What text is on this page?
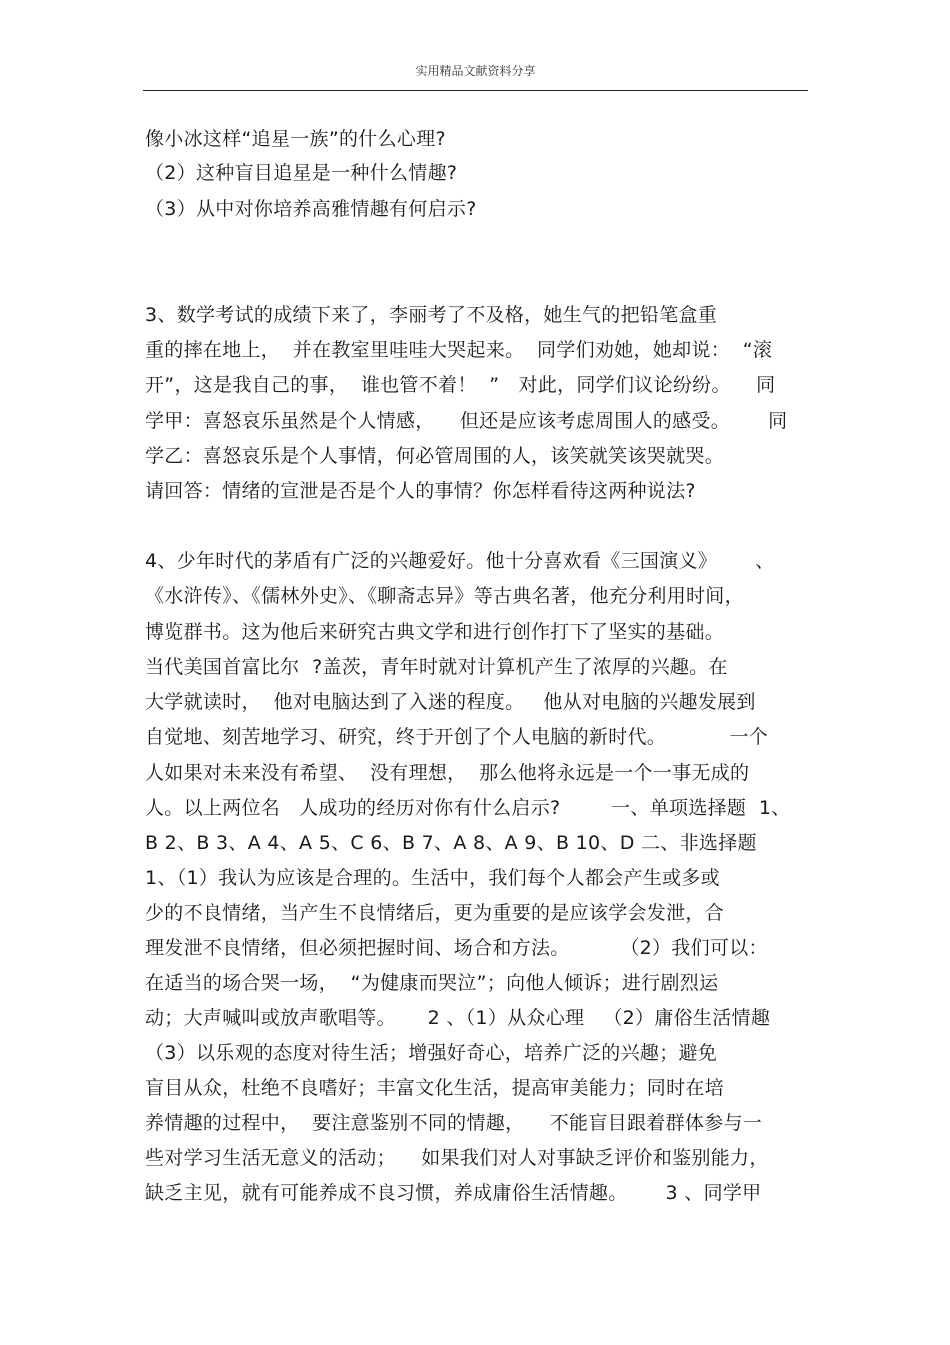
实用精品文献资料分享
像小冰这样“追星一族”的什么心理?
（2）这种盲目追星是一种什么情趣?
（3）从中对你培养高雅情趣有何启示?
3、数学考试的成绩下来了，李丽考了不及格，她生气的把铅笔盒重
重的摔在地上，  并在教室里哇哇大哭起来。  同学们劝她，她却说：  “滚
开”，这是我自己的事，  谁也管不着！  ”   对此，同学们议论纷纷。    同
学甲：喜怒哀乐虽然是个人情感，    但还是应该考虑周围人的感受。      同
学乙：喜怒哀乐是个人事情，何必管周围的人，该笑就笑该哭就哭。
请回答：情绪的宣泄是否是个人的事情？你怎样看待这两种说法?
4、少年时代的茅盾有广泛的兴趣爱好。他十分喜欢看《三国演义》      、
《水浒传》、《儒林外史》、《聊斋志异》等古典名著，他充分利用时间，
博览群书。这为他后来研究古典文学和进行创作打下了坚实的基础。
当代美国首富比尔  ?盖茨，青年时就对计算机产生了浓厚的兴趣。在
大学就读时，  他对电脑达到了入迷的程度。   他从对电脑的兴趣发展到
自觉地、刻苦地学习、研究，终于开创了个人电脑的新时代。          一个
人如果对未来没有希望、  没有理想，  那么他将永远是一个一事无成的
人。以上两位名   人成功的经历对你有什么启示?        一、单项选择题  1、
B 2、B 3、A 4、A 5、C 6、B 7、A 8、A 9、B 10、D 二、非选择题
1、（1）我认为应该是合理的。生活中，我们每个人都会产生或多或
少的不良情绪，当产生不良情绪后，更为重要的是应该学会发泄，合
理发泄不良情绪，但必须把握时间、场合和方法。        （2）我们可以：
在适当的场合哭一场，  “为健康而哭泣”；向他人倾诉；进行剧烈运
动；大声喊叫或放声歌唱等。     2 、（1）从众心理   （2）庸俗生活情趣
（3）以乐观的态度对待生活；增强好奇心，培养广泛的兴趣；避免
盲目从众，杜绝不良嗜好；丰富文化生活，提高审美能力；同时在培
养情趣的过程中，  要注意鉴别不同的情趣，    不能盲目跟着群体参与一
些对学习生活无意义的活动；    如果我们对人对事缺乏评价和鉴别能力，
缺乏主见，就有可能养成不良习惯，养成庸俗生活情趣。      3 、同学甲
